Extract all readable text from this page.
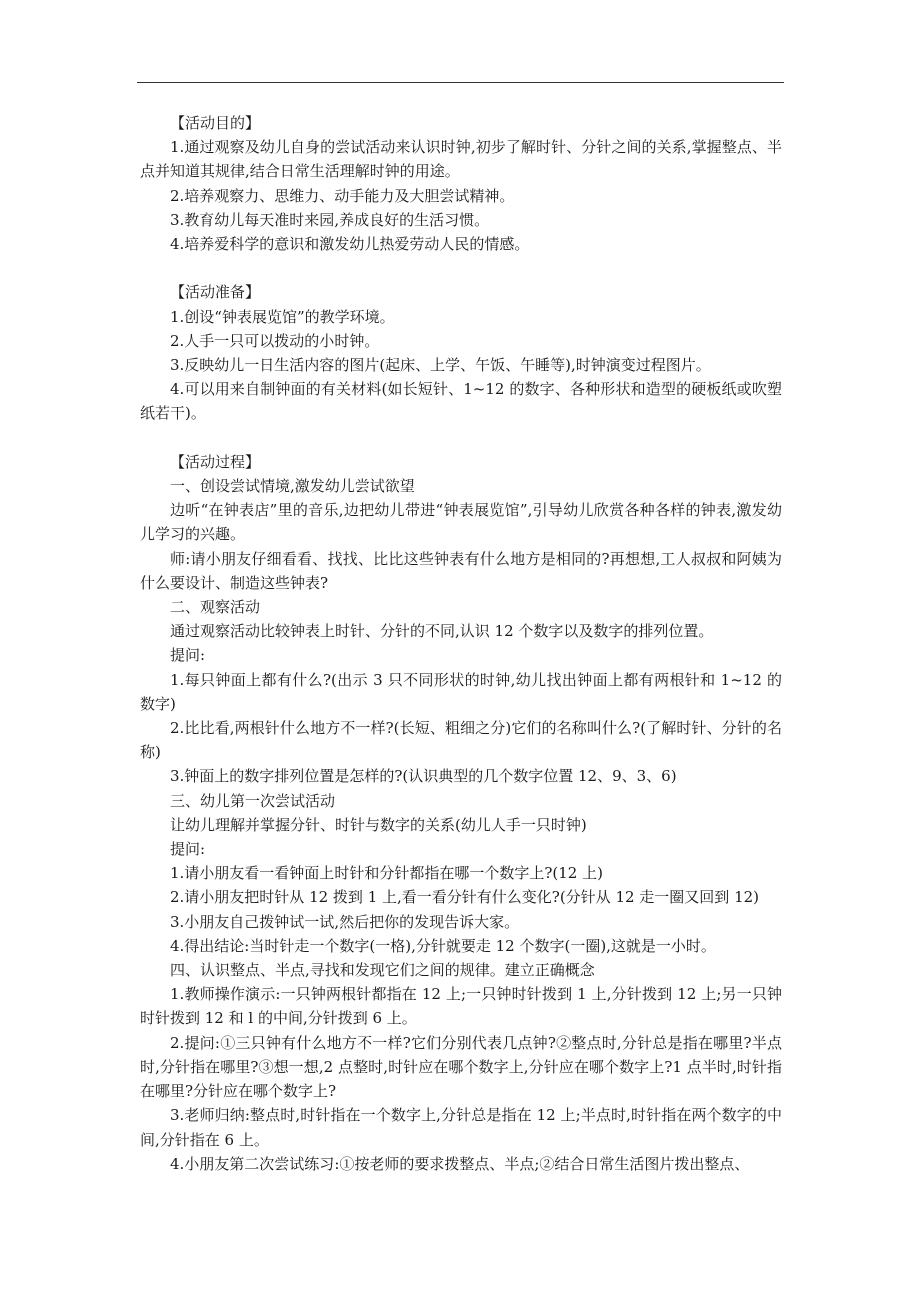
【活动目的】

1.通过观察及幼儿自身的尝试活动来认识时钟,初步了解时针、分针之间的关系,掌握整点、半点并知道其规律,结合日常生活理解时钟的用途。

2.培养观察力、思维力、动手能力及大胆尝试精神。

3.教育幼儿每天准时来园,养成良好的生活习惯。

4.培养爱科学的意识和激发幼儿热爱劳动人民的情感。

【活动准备】

1.创设“钟表展览馆”的教学环境。

2.人手一只可以拨动的小时钟。

3.反映幼儿一日生活内容的图片(起床、上学、午饭、午睡等),时钟演变过程图片。

4.可以用来自制钟面的有关材料(如长短针、1~12 的数字、各种形状和造型的硬板纸或吹塑纸若干)。

【活动过程】

一、创设尝试情境,激发幼儿尝试欲望

边听“在钟表店”里的音乐,边把幼儿带进“钟表展览馆”,引导幼儿欣赏各种各样的钟表,激发幼儿学习的兴趣。

师:请小朋友仔细看看、找找、比比这些钟表有什么地方是相同的?再想想,工人叔叔和阿姨为什么要设计、制造这些钟表?

二、观察活动

通过观察活动比较钟表上时针、分针的不同,认识 12 个数字以及数字的排列位置。

提问:

1.每只钟面上都有什么?(出示 3 只不同形状的时钟,幼儿找出钟面上都有两根针和 1~12 的数字)

2.比比看,两根针什么地方不一样?(长短、粗细之分)它们的名称叫什么?(了解时针、分针的名称)

3.钟面上的数字排列位置是怎样的?(认识典型的几个数字位置 12、9、3、6)

三、幼儿第一次尝试活动

让幼儿理解并掌握分针、时针与数字的关系(幼儿人手一只时钟)

提问:

1.请小朋友看一看钟面上时针和分针都指在哪一个数字上?(12 上)

2.请小朋友把时针从 12 拨到 1 上,看一看分针有什么变化?(分针从 12 走一圈又回到 12)

3.小朋友自己拨钟试一试,然后把你的发现告诉大家。

4.得出结论:当时针走一个数字(一格),分针就要走 12 个数字(一圈),这就是一小时。

四、认识整点、半点,寻找和发现它们之间的规律。建立正确概念

1.教师操作演示:一只钟两根针都指在 12 上;一只钟时针拨到 1 上,分针拨到 12 上;另一只钟时针拨到 12 和 l 的中间,分针拨到 6 上。

2.提问:①三只钟有什么地方不一样?它们分别代表几点钟?②整点时,分针总是指在哪里?半点时,分针指在哪里?③想一想,2 点整时,时针应在哪个数字上,分针应在哪个数字上?1 点半时,时针指在哪里?分针应在哪个数字上?

3.老师归纳:整点时,时针指在一个数字上,分针总是指在 12 上;半点时,时针指在两个数字的中间,分针指在 6 上。

4.小朋友第二次尝试练习:①按老师的要求拨整点、半点;②结合日常生活图片拨出整点、
